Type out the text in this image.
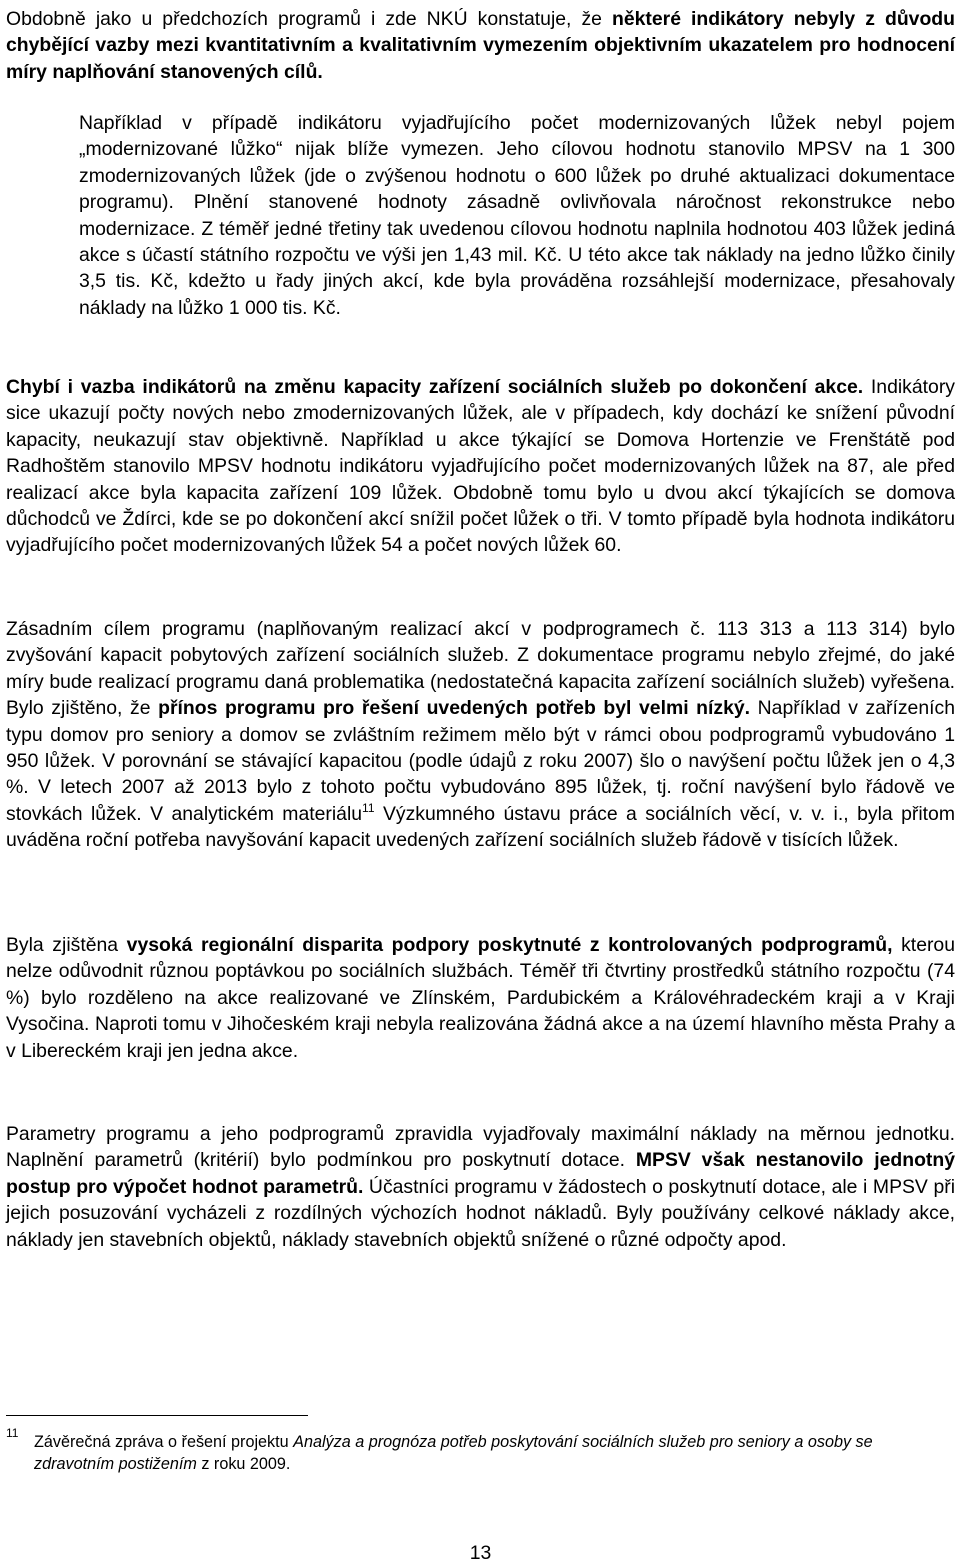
Obdobně jako u předchozích programů i zde NKÚ konstatuje, že některé indikátory nebyly z důvodu chybějící vazby mezi kvantitativním a kvalitativním vymezením objektivním ukazatelem pro hodnocení míry naplňování stanovených cílů.

Například v případě indikátoru vyjadřujícího počet modernizovaných lůžek nebyl pojem „modernizované lůžko“ nijak blíže vymezen. Jeho cílovou hodnotu stanovilo MPSV na 1 300 zmodernizovaných lůžek (jde o zvýšenou hodnotu o 600 lůžek po druhé aktualizaci dokumentace programu). Plnění stanovené hodnoty zásadně ovlivňovala náročnost rekonstrukce nebo modernizace. Z téměř jedné třetiny tak uvedenou cílovou hodnotu naplnila hodnotou 403 lůžek jediná akce s účastí státního rozpočtu ve výši jen 1,43 mil. Kč. U této akce tak náklady na jedno lůžko činily 3,5 tis. Kč, kdežto u řady jiných akcí, kde byla prováděna rozsáhlejší modernizace, přesahovaly náklady na lůžko 1 000 tis. Kč.

Chybí i vazba indikátorů na změnu kapacity zařízení sociálních služeb po dokončení akce. Indikátory sice ukazují počty nových nebo zmodernizovaných lůžek, ale v případech, kdy dochází ke snížení původní kapacity, neukazují stav objektivně. Například u akce týkající se Domova Hortenzie ve Frenštátě pod Radhoštěm stanovilo MPSV hodnotu indikátoru vyjadřujícího počet modernizovaných lůžek na 87, ale před realizací akce byla kapacita zařízení 109 lůžek. Obdobně tomu bylo u dvou akcí týkajících se domova důchodců ve Ždírci, kde se po dokončení akcí snížil počet lůžek o tři. V tomto případě byla hodnota indikátoru vyjadřujícího počet modernizovaných lůžek 54 a počet nových lůžek 60.

Zásadním cílem programu (naplňovaným realizací akcí v podprogramech č. 113 313 a 113 314) bylo zvyšování kapacit pobytových zařízení sociálních služeb. Z dokumentace programu nebylo zřejmé, do jaké míry bude realizací programu daná problematika (nedostatečná kapacita zařízení sociálních služeb) vyřešena. Bylo zjištěno, že přínos programu pro řešení uvedených potřeb byl velmi nízký. Například v zařízeních typu domov pro seniory a domov se zvláštním režimem mělo být v rámci obou podprogramů vybudováno 1 950 lůžek. V porovnání se stávající kapacitou (podle údajů z roku 2007) šlo o navýšení počtu lůžek jen o 4,3 %. V letech 2007 až 2013 bylo z tohoto počtu vybudováno 895 lůžek, tj. roční navýšení bylo řádově ve stovkách lůžek. V analytickém materiálu$^{11}$ Výzkumného ústavu práce a sociálních věcí, v. v. i., byla přitom uváděna roční potřeba navyšování kapacit uvedených zařízení sociálních služeb řádově v tisících lůžek.

Byla zjištěna vysoká regionální disparita podpory poskytnuté z kontrolovaných podprogramů, kterou nelze odůvodnit různou poptávkou po sociálních službách. Téměř tři čtvrtiny prostředků státního rozpočtu (74 %) bylo rozděleno na akce realizované ve Zlínském, Pardubickém a Královéhradeckém kraji a v Kraji Vysočina. Naproti tomu v Jihočeském kraji nebyla realizována žádná akce a na území hlavního města Prahy a v Libereckém kraji jen jedna akce.

Parametry programu a jeho podprogramů zpravidla vyjadřovaly maximální náklady na měrnou jednotku. Naplnění parametrů (kritérií) bylo podmínkou pro poskytnutí dotace. MPSV však nestanovilo jednotný postup pro výpočet hodnot parametrů. Účastníci programu v žádostech o poskytnutí dotace, ale i MPSV při jejich posuzování vycházeli z rozdílných výchozích hodnot nákladů. Byly používány celkové náklady akce, náklady jen stavebních objektů, náklady stavebních objektů snížené o různé odpočty apod.

11 Závěrečná zpráva o řešení projektu Analýza a prognóza potřeb poskytování sociálních služeb pro seniory a osoby se zdravotním postižením z roku 2009.

13
